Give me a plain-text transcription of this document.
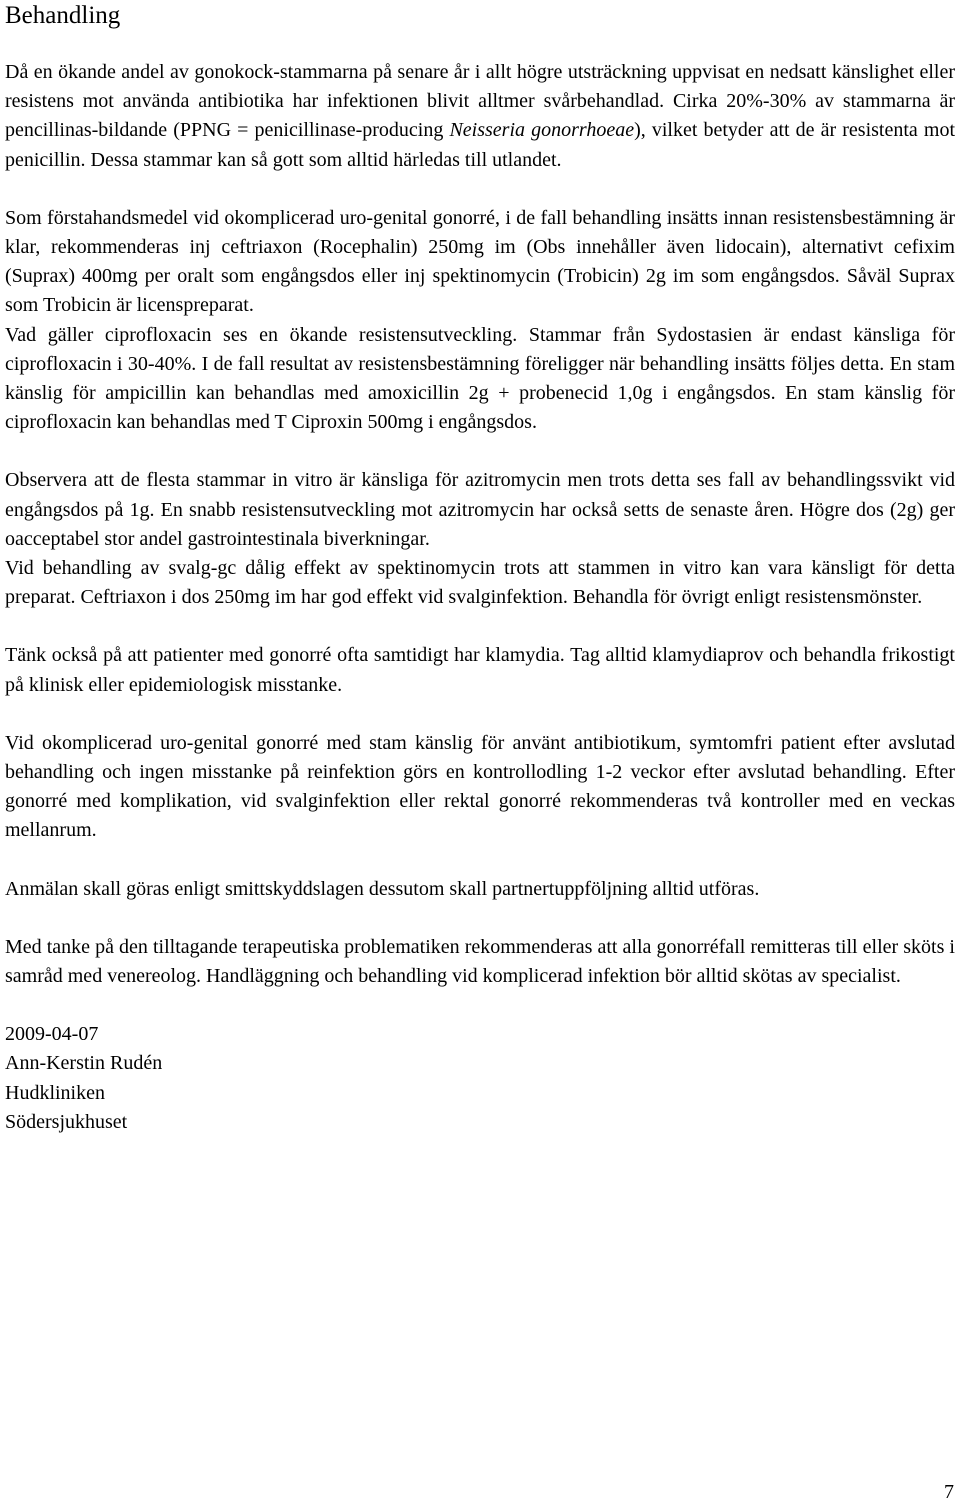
Behandling

Då en ökande andel av gonokock-stammarna på senare år i allt högre utsträckning uppvisat en nedsatt känslighet eller resistens mot använda antibiotika har infektionen blivit alltmer svårbehandlad. Cirka 20%-30% av stammarna är pencillinas-bildande (PPNG = penicillinase-producing Neisseria gonorrhoeae), vilket betyder att de är resistenta mot penicillin. Dessa stammar kan så gott som alltid härledas till utlandet.

Som förstahandsmedel vid okomplicerad uro-genital gonorré, i de fall behandling insätts innan resistensbestämning är klar, rekommenderas inj ceftriaxon (Rocephalin) 250mg im (Obs innehåller även lidocain), alternativt cefixim (Suprax) 400mg per oralt som engångsdos eller inj spektinomycin (Trobicin) 2g im som engångsdos. Såväl Suprax som Trobicin är licenspreparat.

Vad gäller ciprofloxacin ses en ökande resistensutveckling. Stammar från Sydostasien är endast känsliga för ciprofloxacin i 30-40%. I de fall resultat av resistensbestämning föreligger när behandling insätts följes detta. En stam känslig för ampicillin kan behandlas med amoxicillin 2g + probenecid 1,0g i engångsdos. En stam känslig för ciprofloxacin kan behandlas med T Ciproxin 500mg i engångsdos.

Observera att de flesta stammar in vitro är känsliga för azitromycin men trots detta ses fall av behandlingssvikt vid engångsdos på 1g. En snabb resistensutveckling mot azitromycin har också setts de senaste åren. Högre dos (2g) ger oacceptabel stor andel gastrointestinala biverkningar.

Vid behandling av svalg-gc dålig effekt av spektinomycin trots att stammen in vitro kan vara känsligt för detta preparat. Ceftriaxon i dos 250mg im har god effekt vid svalginfektion. Behandla för övrigt enligt resistensmönster.

Tänk också på att patienter med gonorré ofta samtidigt har klamydia. Tag alltid klamydiaprov och behandla frikostigt på klinisk eller epidemiologisk misstanke.

Vid okomplicerad uro-genital gonorré med stam känslig för använt antibiotikum, symtomfri patient efter avslutad behandling och ingen misstanke på reinfektion görs en kontrollodling 1-2 veckor efter avslutad behandling. Efter gonorré med komplikation, vid svalginfektion eller rektal gonorré rekommenderas två kontroller med en veckas mellanrum.

Anmälan skall göras enligt smittskyddslagen dessutom skall partnertuppföljning alltid utföras.

Med tanke på den tilltagande terapeutiska problematiken rekommenderas att alla gonorréfall remitteras till eller sköts i samråd med venereolog. Handläggning och behandling vid komplicerad infektion bör alltid skötas av specialist.

2009-04-07

Ann-Kerstin Rudén

Hudkliniken

Södersjukhuset

7
